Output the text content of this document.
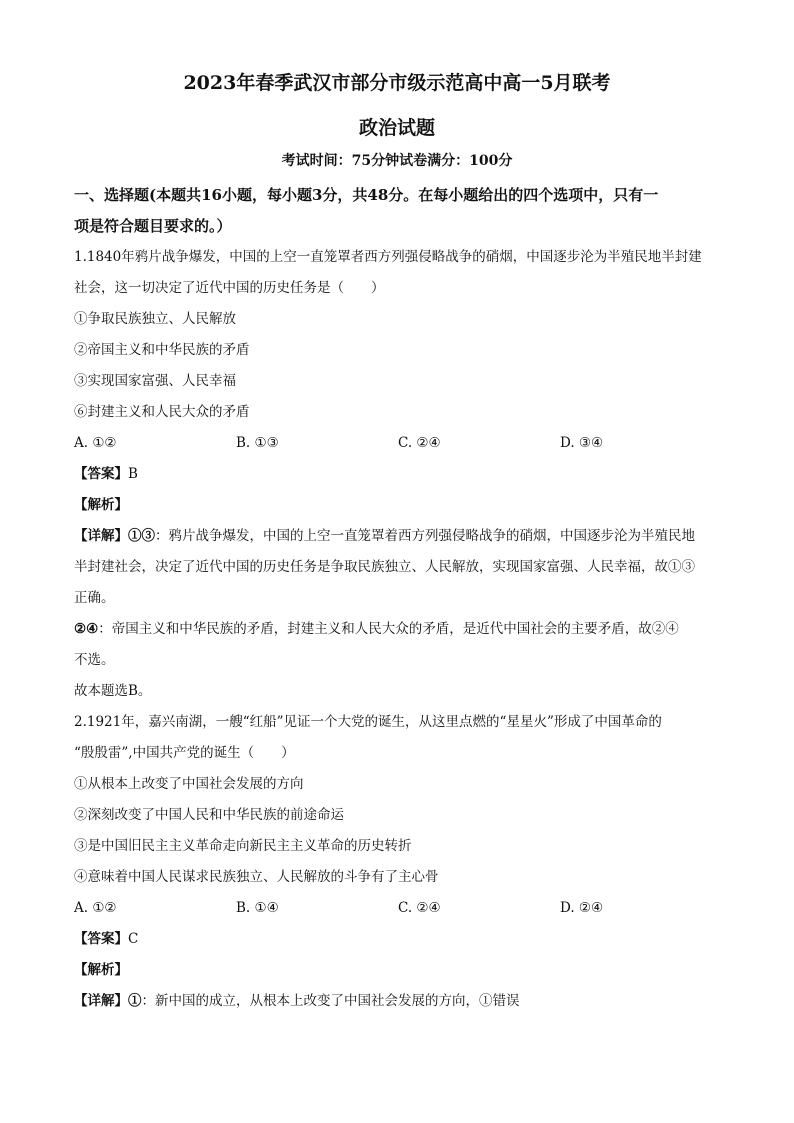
2023年春季武汉市部分市级示范高中高一5月联考
政治试题
考试时间：75分钟试卷满分：100分

一、选择题(本题共16小题，每小题3分，共48分。在每小题给出的四个选项中，只有一

项是符合题目要求的。）

1.1840年鸦片战争爆发，中国的上空一直笼罩者西方列强侵略战争的硝烟，中国逐步沦为半殖民地半封建

社会，这一切决定了近代中国的历史任务是（　　）

①争取民族独立、人民解放

②帝国主义和中华民族的矛盾

③实现国家富强、人民幸福

⑥封建主义和人民大众的矛盾

A. ①②	B. ①③	C. ②④	D. ③④

【答案】B

【解析】

【详解】①③：鸦片战争爆发，中国的上空一直笼罩着西方列强侵略战争的硝烟，中国逐步沦为半殖民地

半封建社会，决定了近代中国的历史任务是争取民族独立、人民解放，实现国家富强、人民幸福，故①③

正确。

②④：帝国主义和中华民族的矛盾，封建主义和人民大众的矛盾，是近代中国社会的主要矛盾，故②④

不选。

故本题选B。

2.1921年，嘉兴南湖，一艘“红船”见证一个大党的诞生，从这里点燃的“星星火”形成了中国革命的

“殷殷雷”,中国共产党的诞生（　　）

①从根本上改变了中国社会发展的方向

②深刻改变了中国人民和中华民族的前途命运

③是中国旧民主主义革命走向新民主主义革命的历史转折

④意味着中国人民谋求民族独立、人民解放的斗争有了主心骨

A. ①②	B. ①④	C. ②④	D. ②④

【答案】C

【解析】

【详解】①：新中国的成立，从根本上改变了中国社会发展的方向，①错误
